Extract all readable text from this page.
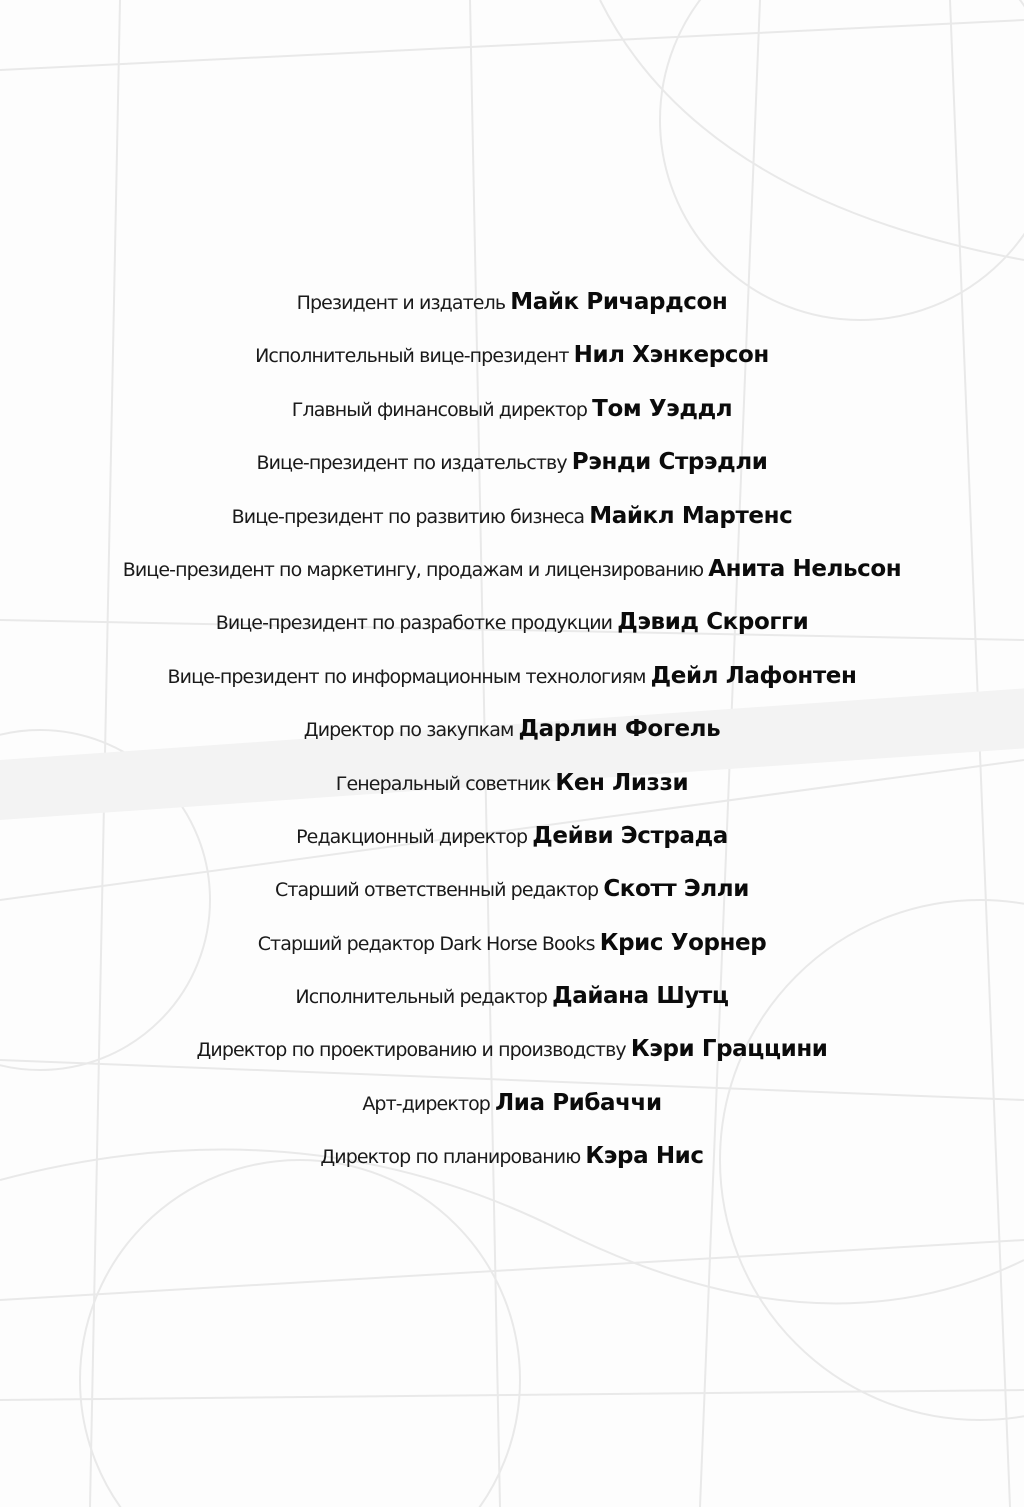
Президент и издатель Майк Ричардсон
Исполнительный вице-президент Нил Хэнкерсон
Главный финансовый директор Том Уэддл
Вице-президент по издательству Рэнди Стрэдли
Вице-президент по развитию бизнеса Майкл Мартенс
Вице-президент по маркетингу, продажам и лицензированию Анита Нельсон
Вице-президент по разработке продукции Дэвид Скрогги
Вице-президент по информационным технологиям Дейл Лафонтен
Директор по закупкам Дарлин Фогель
Генеральный советник Кен Лиззи
Редакционный директор Дейви Эстрада
Старший ответственный редактор Скотт Элли
Старший редактор Dark Horse Books Крис Уорнер
Исполнительный редактор Дайана Шутц
Директор по проектированию и производству Кэри Граццини
Арт-директор Лиа Рибаччи
Директор по планированию Кэра Нис
